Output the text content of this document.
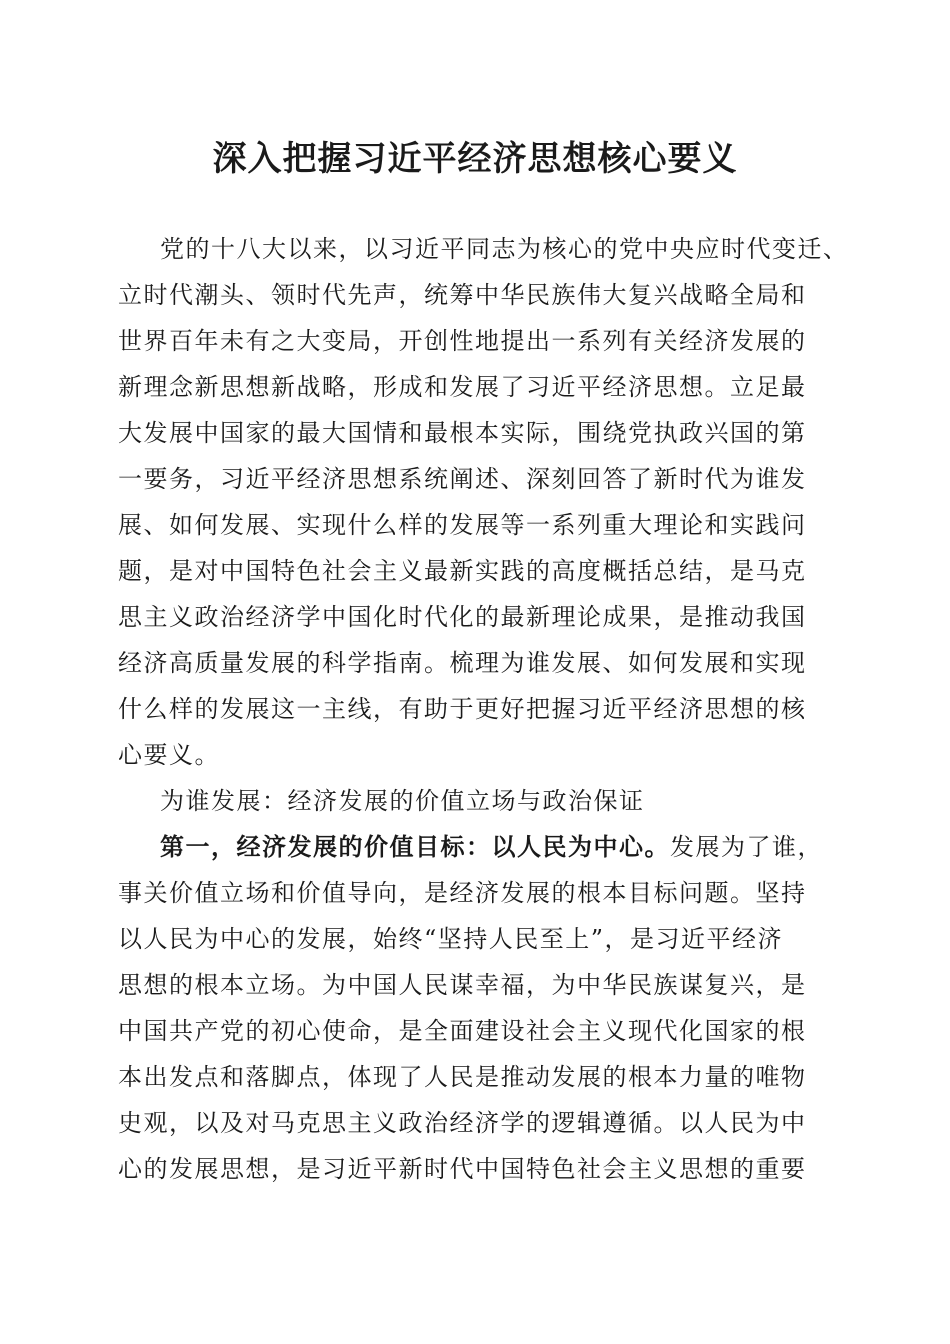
深入把握习近平经济思想核心要义
党的十八大以来，以习近平同志为核心的党中央应时代变迁、
立时代潮头、领时代先声，统筹中华民族伟大复兴战略全局和
世界百年未有之大变局，开创性地提出一系列有关经济发展的
新理念新思想新战略，形成和发展了习近平经济思想。立足最
大发展中国家的最大国情和最根本实际，围绕党执政兴国的第
一要务，习近平经济思想系统阐述、深刻回答了新时代为谁发
展、如何发展、实现什么样的发展等一系列重大理论和实践问
题，是对中国特色社会主义最新实践的高度概括总结，是马克
思主义政治经济学中国化时代化的最新理论成果，是推动我国
经济高质量发展的科学指南。梳理为谁发展、如何发展和实现
什么样的发展这一主线，有助于更好把握习近平经济思想的核
心要义。
为谁发展：经济发展的价值立场与政治保证
第一，经济发展的价值目标：以人民为中心。发展为了谁，
事关价值立场和价值导向，是经济发展的根本目标问题。坚持
以人民为中心的发展，始终“坚持人民至上”，是习近平经济
思想的根本立场。为中国人民谋幸福，为中华民族谋复兴，是
中国共产党的初心使命，是全面建设社会主义现代化国家的根
本出发点和落脚点，体现了人民是推动发展的根本力量的唯物
史观，以及对马克思主义政治经济学的逻辑遵循。以人民为中
心的发展思想，是习近平新时代中国特色社会主义思想的重要
